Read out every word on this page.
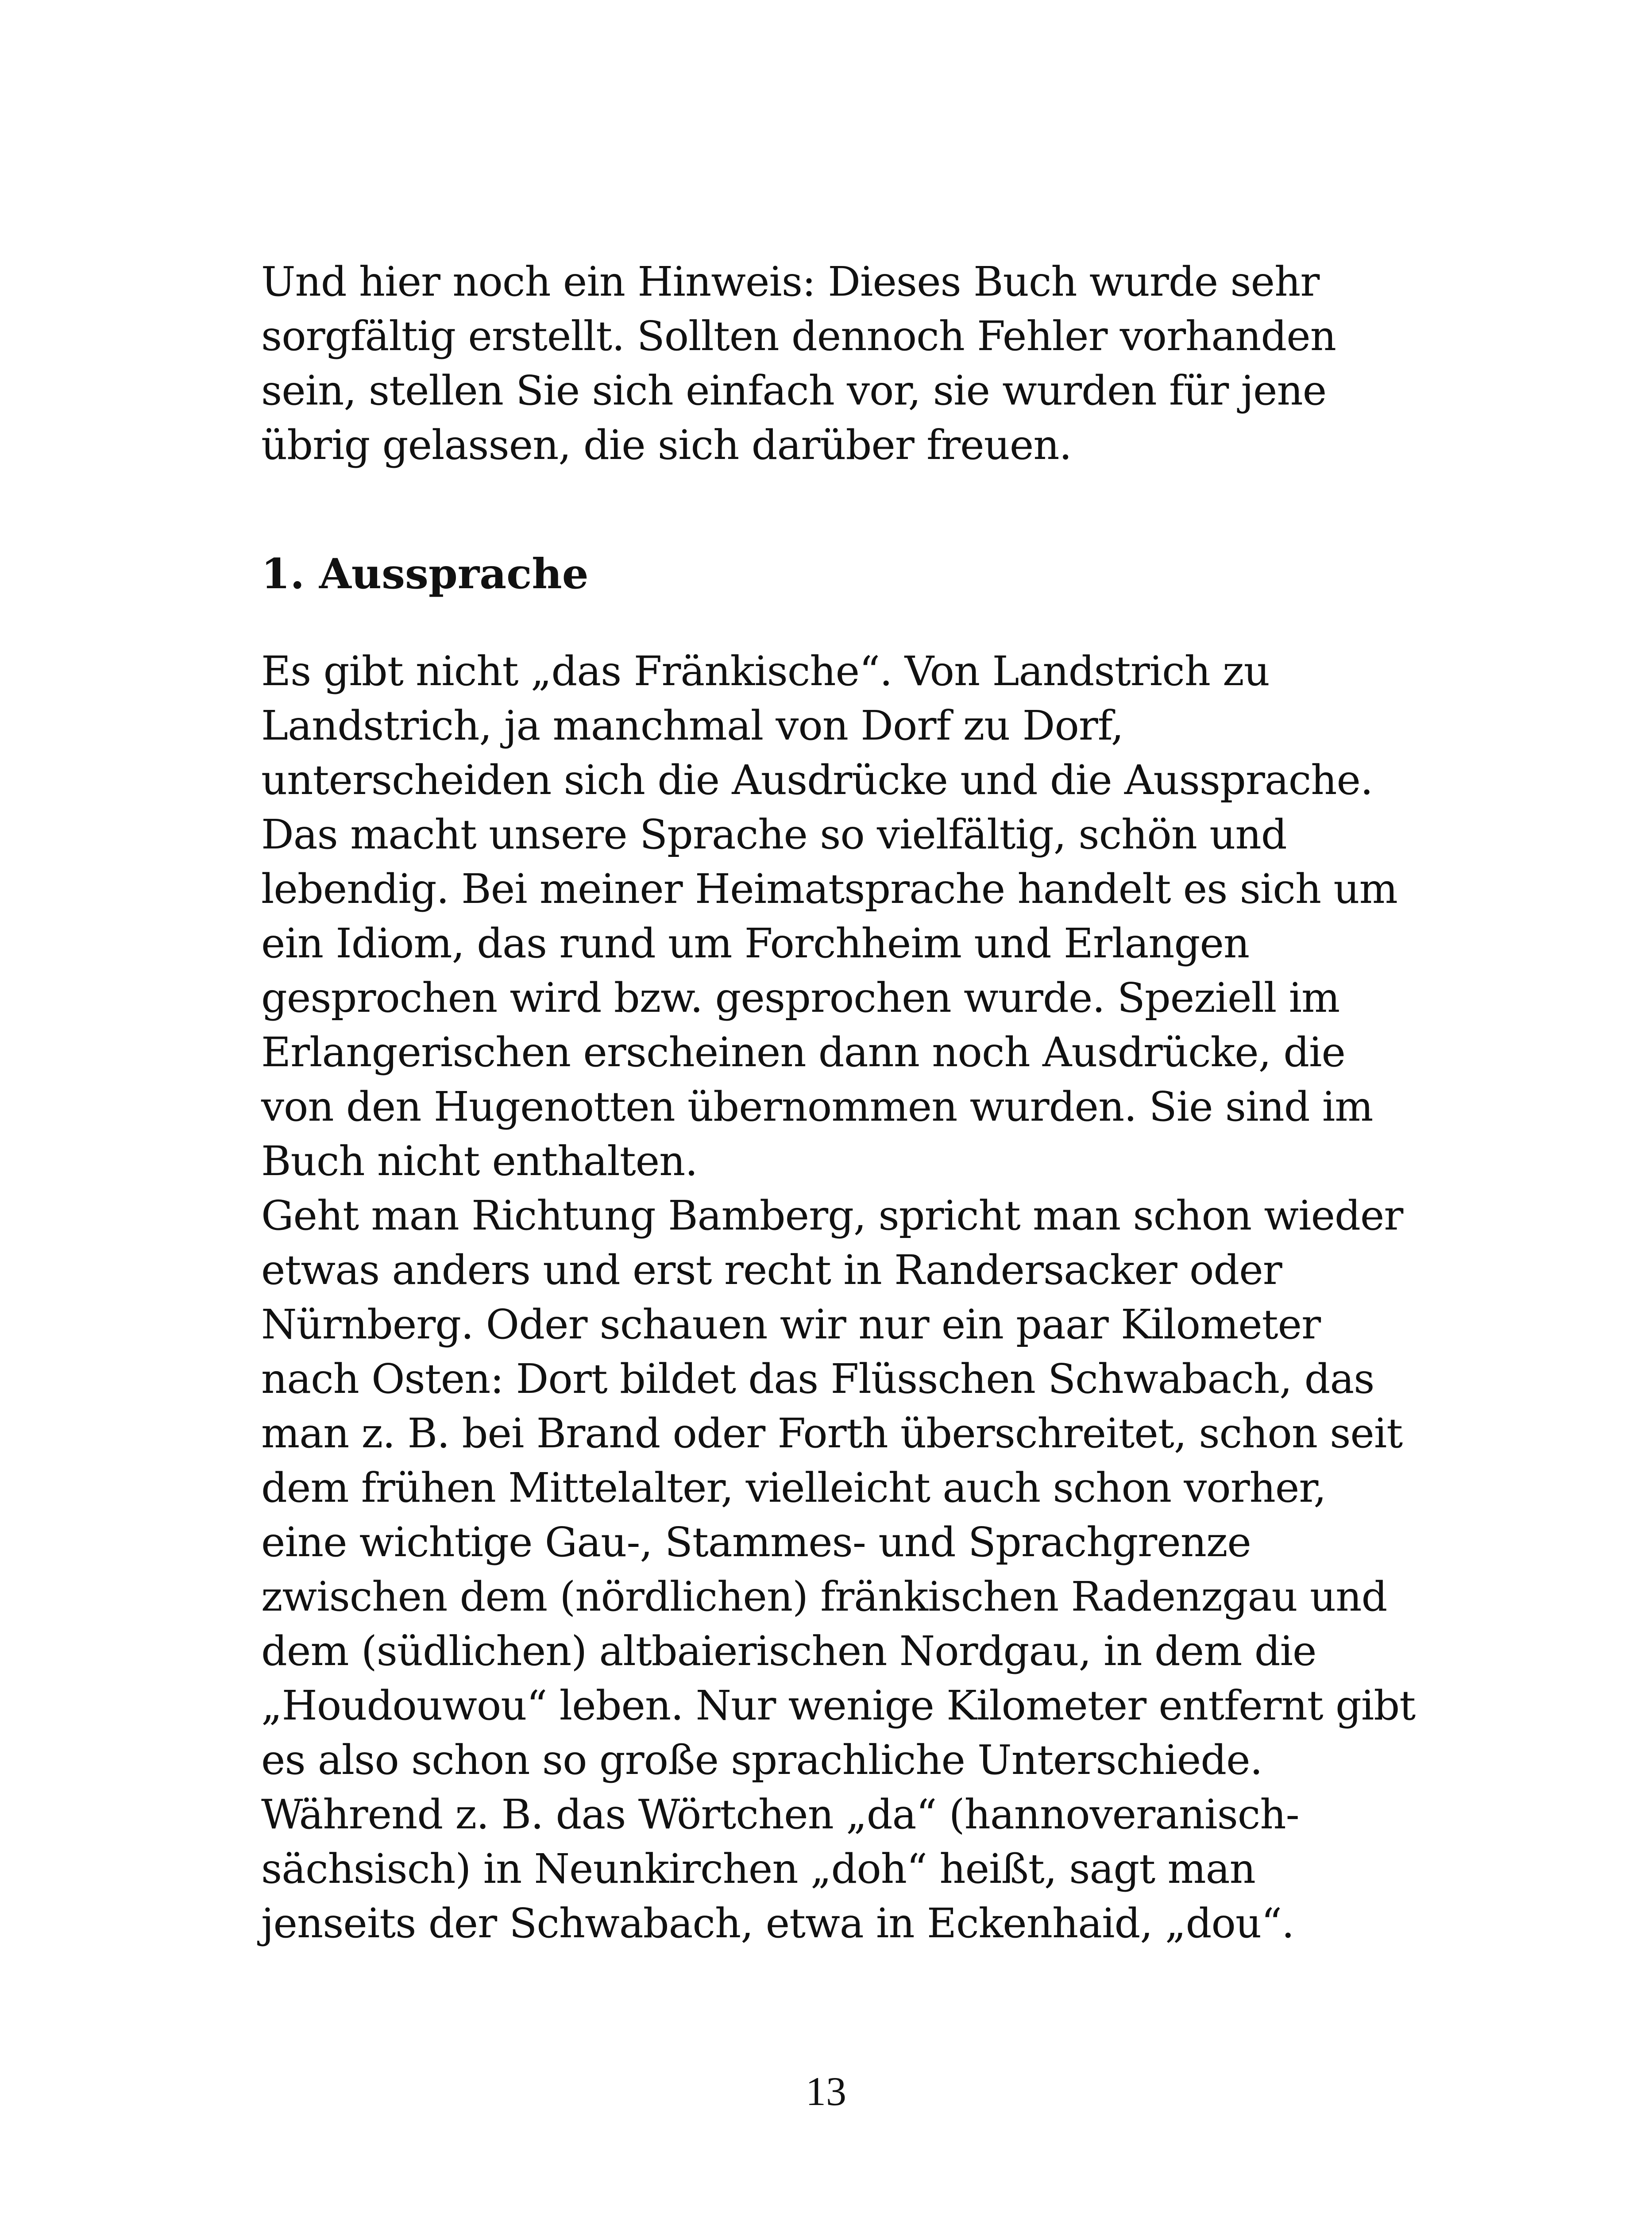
Und hier noch ein Hinweis: Dieses Buch wurde sehr
sorgfältig erstellt. Sollten dennoch Fehler vorhanden
sein, stellen Sie sich einfach vor, sie wurden für jene
übrig gelassen, die sich darüber freuen.
1. Aussprache
Es gibt nicht „das Fränkische“. Von Landstrich zu
Landstrich, ja manchmal von Dorf zu Dorf,
unterscheiden sich die Ausdrücke und die Aussprache.
Das macht unsere Sprache so vielfältig, schön und
lebendig. Bei meiner Heimatsprache handelt es sich um
ein Idiom, das rund um Forchheim und Erlangen
gesprochen wird bzw. gesprochen wurde. Speziell im
Erlangerischen erscheinen dann noch Ausdrücke, die
von den Hugenotten übernommen wurden. Sie sind im
Buch nicht enthalten.
Geht man Richtung Bamberg, spricht man schon wieder
etwas anders und erst recht in Randersacker oder
Nürnberg. Oder schauen wir nur ein paar Kilometer
nach Osten: Dort bildet das Flüsschen Schwabach, das
man z. B. bei Brand oder Forth überschreitet, schon seit
dem frühen Mittelalter, vielleicht auch schon vorher,
eine wichtige Gau-, Stammes- und Sprachgrenze
zwischen dem (nördlichen) fränkischen Radenzgau und
dem (südlichen) altbaierischen Nordgau, in dem die
„Houdouwou“ leben. Nur wenige Kilometer entfernt gibt
es also schon so große sprachliche Unterschiede.
Während z. B. das Wörtchen „da“ (hannoveranisch-
sächsisch) in Neunkirchen „doh“ heißt, sagt man
jenseits der Schwabach, etwa in Eckenhaid, „dou“.
13
